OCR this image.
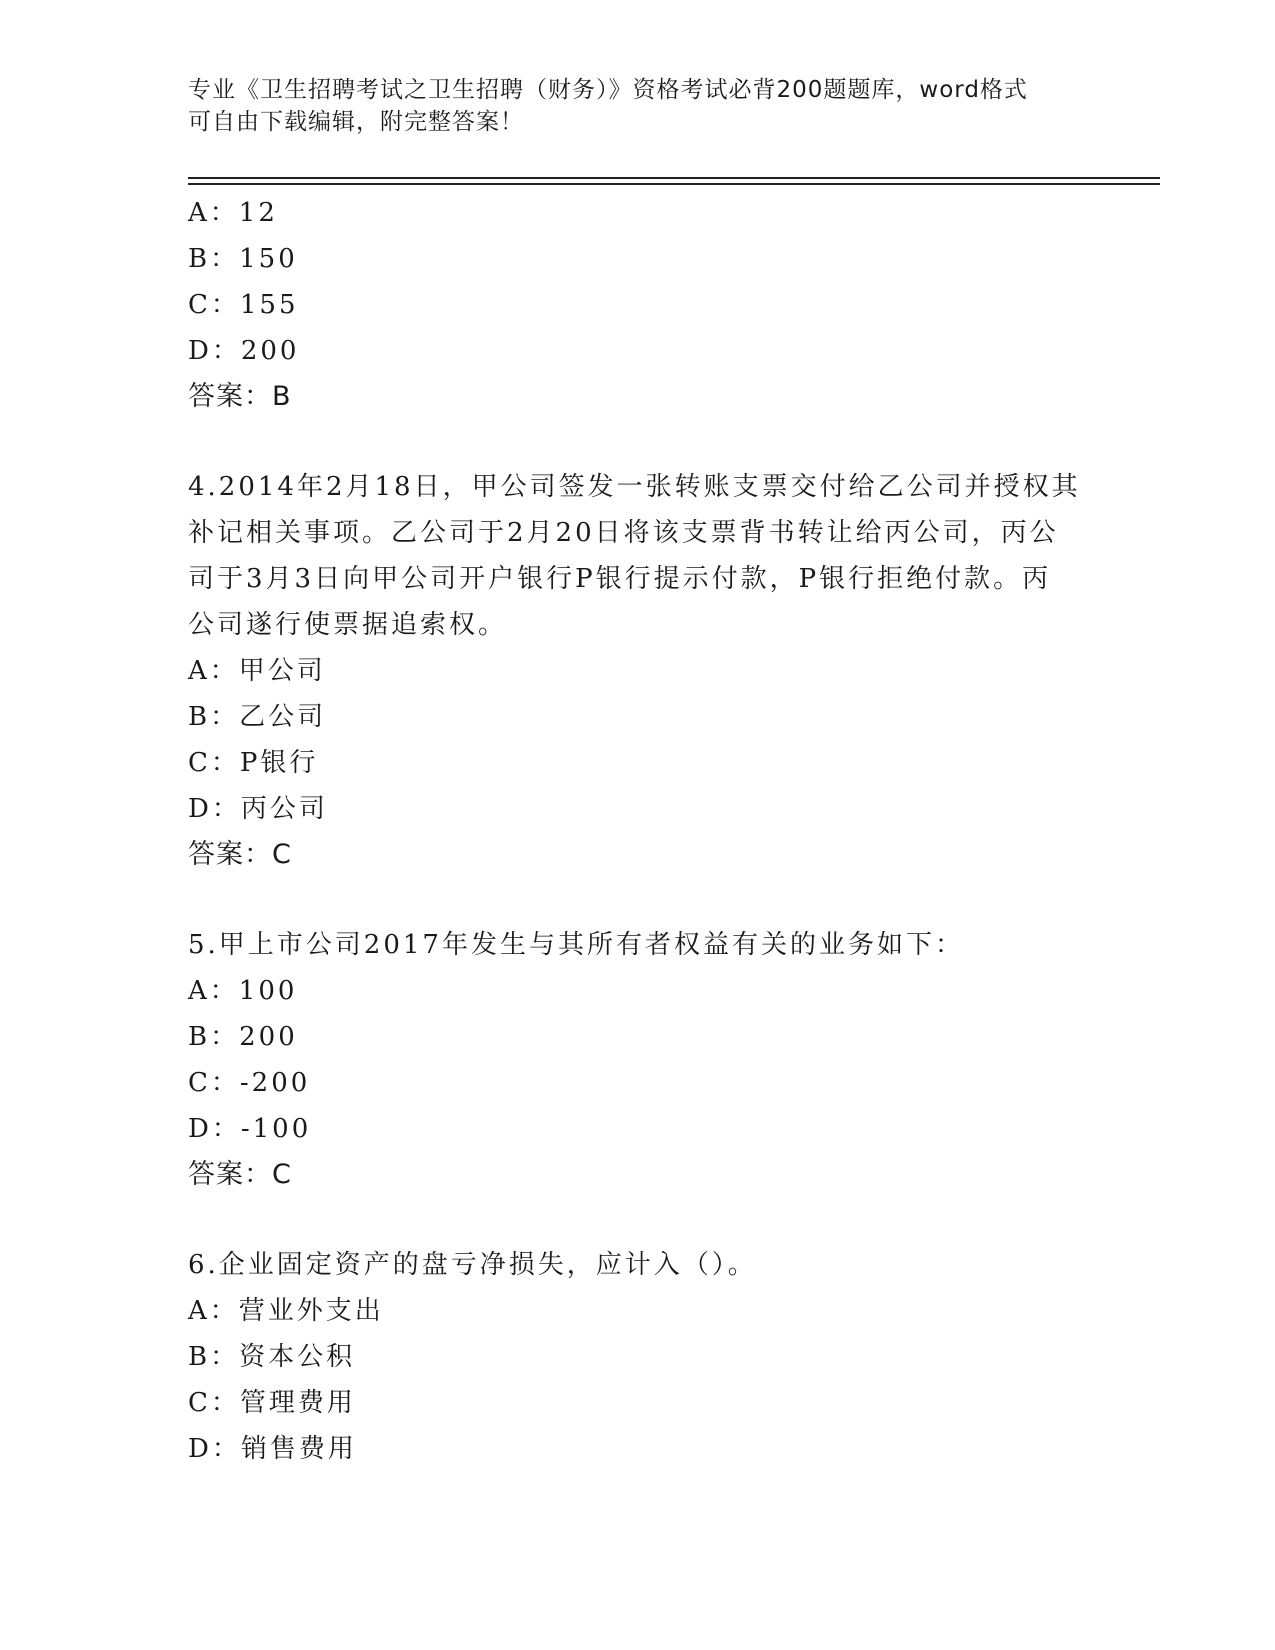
专业《卫生招聘考试之卫生招聘（财务）》资格考试必背200题题库，word格式
可自由下载编辑，附完整答案！
A：12
B：150
C：155
D：200
答案：B
4.2014年2月18日，甲公司签发一张转账支票交付给乙公司并授权其
补记相关事项。乙公司于2月20日将该支票背书转让给丙公司，丙公
司于3月3日向甲公司开户银行P银行提示付款，P银行拒绝付款。丙
公司遂行使票据追索权。
A：甲公司
B：乙公司
C：P银行
D：丙公司
答案：C
5.甲上市公司2017年发生与其所有者权益有关的业务如下：
A：100
B：200
C：-200
D：-100
答案：C
6.企业固定资产的盘亏净损失，应计入（）。
A：营业外支出
B：资本公积
C：管理费用
D：销售费用
